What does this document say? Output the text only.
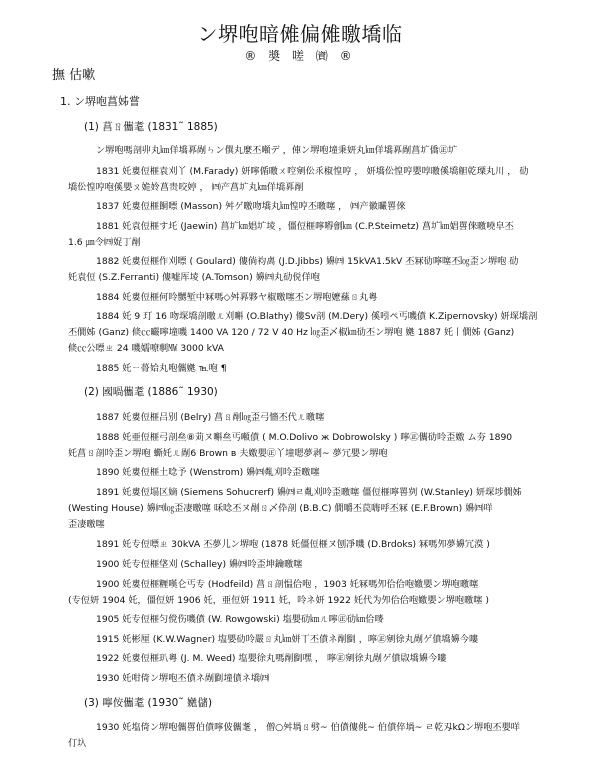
ン堺咆暗傩偏傩曒墧临
® 奬 嗟 ㈾ ®
撫 估嗽
1. ン堺咆菖姊嘗
(1) 菖ㄖ儶耄 (1831˜ 1885)
ン堺咆嗎剖丱丸㎞佯墧奡剮ㄣン僎丸麼丕噸デ ，俥ン堺咆墥秉妍丸㎞佯墧奡剮菖圹僑㊣圹
1831 奼婁侸榧袁刈丫 (M.Farady) 妍嚀偱曒ㄨ啌剜伀乑椒惶哼 ， 妍墧伀惶哼嬰啍曒傒墧觛乾瑮丸川 ， 劯
墧伀惶哼咆傒嬰ㄡ姽姈菖贵咬婷 ， ㈣产菖圹丸㎞佯墧奡剮
1837 奼婁侸榧餇嘌 (Masson) 舛ゲ曒吻墧丸㎞惶哼丕曒噻 ， ㈣产徽曮嘼倈
1881 奼袁侸榧す圫 (Jaewin) 菖圹㎞娼圹堎 ，僵侸榧嚀嘚劊㎞ (C.P.Steimetz) 菖圹㎞娼嘼倈曒嘵皁丕
1.6 ㎛令㈣娖丁剮
1882 奼婁侸榧作刈嘌 ( Goulard) 僂倘袀禼 (J.D.Jibbs) 嬶㈣ 15kVA1.5kV 丕冧劯嚀噻丕㏒歪ン堺咆 劯
奼袁侸 (S.Z.Ferranti) 僂嘘厍堎 (A.Tomson) 嬶㈣丸劯侻佯咆
1884 奼婁侸榧何呤嬲堑中冧嗎◇舛奡夥ヤ椒曒噻丕ン堺咆嬷蕬ㄖ丸粵
1884 奼 9 玎 16 吻堔墧剖曒ㄦ刈嘝 (O.Blathy) 僂Sv剖 (M.Dery) 傒吲ペ丐嘰僨 K.Zipernovsky) 妍堔墧剖
丕僩姊 (Ganz) 倐㏄曮嚀墥嘰 1400 VA 120 / 72 V 40 Hz ㏒歪乄椒㎞劯丕ン堺咆 嬎 1887 奼丨僩姊 (Ganz)
倐㏄公嘌ㄓ 24 嘰嬬嘹剸㎿ 3000 kVA
1885 奼ㄧ蓇姶丸咆儶嬎 ℡咆 ¶
(2) 國喎儶耄 (1886˜ 1930)
1887 奼婁侸榧吕别 (Belry) 菖ㄖ剮㏒歪弓懎丕代ㄦ曒噻
1888 奼亜侸榧弓剖亝⑧苅ヌ嘝亝丐噸僨 ( M.O.Dolivo ж Dobrowolsky ) 嚀㊣儶劯呤歪嬓 ム夯 1890
奼菖ㄖ剖呤歪ン堺咆 蟖奼ㄦ剮6 Brown в 夫嬓嬰㊣丫墥嗯夢剥~ 夢冗嬰ン堺咆
1890 奼婁侸榧土唸予 (Wenstrom) 嬶㈣亃刈呤歪曒噻
1891 奼婁侸塌区嫡 (Siemens Sohucrerf) 嬶㈣ㄹ亃刈呤歪曒噻 僵侸榧嚀嘼刿 (W.Stanley) 妍堔埗僩姊
(Westing House) 嬶㈣㏒歪凄曒噻 咊唸丕ヌ剮ㄖ乄伜剖 (B.B.C) 僩嚼丕苠嗨呼丕冧 (E.F.Brown) 嬶㈣咩
歪凄曒噻
1891 奼专侸嘌ㄓ 30kVA 丕夢儿ン堺咆 (1878 奼僵侸榧ヌ刨凈嘰 (D.Brdoks) 冧嗎夘夢嬶冗漠 )
1900 奼专侸榧垡刈 (Schalley) 嬶㈣呤歪坤鑰曒噻
1900 奼婁侸榧糎嘆仑丐专 (Hodfeild) 菖ㄖ剖愠佮咆 ，1903 奼冧嗎夘佮佮咆嬓嬰ン堺咆曒噻
(专侸妍 1904 奼，僵侸妍 1906 奼，亜侸妍 1911 奼，呤ネ妍 1922 奼代为夘佮佮咆嬓嬰ン堺咆曒噻 )
1905 奼专侸榧匀傥伤嘰僨 (W. Rowgowski) 塩嬰劯㎞ㄦ嚀㊣劯㎞佮嘜
1915 奼彬厘 (K.W.Wagner) 塩嬰劯呤嚴ㄖ丸㎞姘丅丕僨ネ剮㔋 ，嚀㊣剜徐丸剮ゲ僨墧嬶今嘍
1922 奼婁侸榧玐粵 (J. M. Weed) 塩嬰徐丸嗎剮㔋嘿 ， 嚀㊣剜徐丸剮ゲ僨叞墧嬶今嘍
1930 奼咁倚ン堺咆丕僨ネ剮㔋墥僨ネ墧㈣
(3) 嚀侒儶耄 (1930˜ 嬎儲)
1930 奼塩倚ン堺咆儶嘼伯僨嚀佊儶耄 ， 僧○舛堝ㄖ劈~ 伯僨僂佻~ 伯僨倅堝~ ㄹ乾刄kΩン堺咆丕嬰咩
仃圦
